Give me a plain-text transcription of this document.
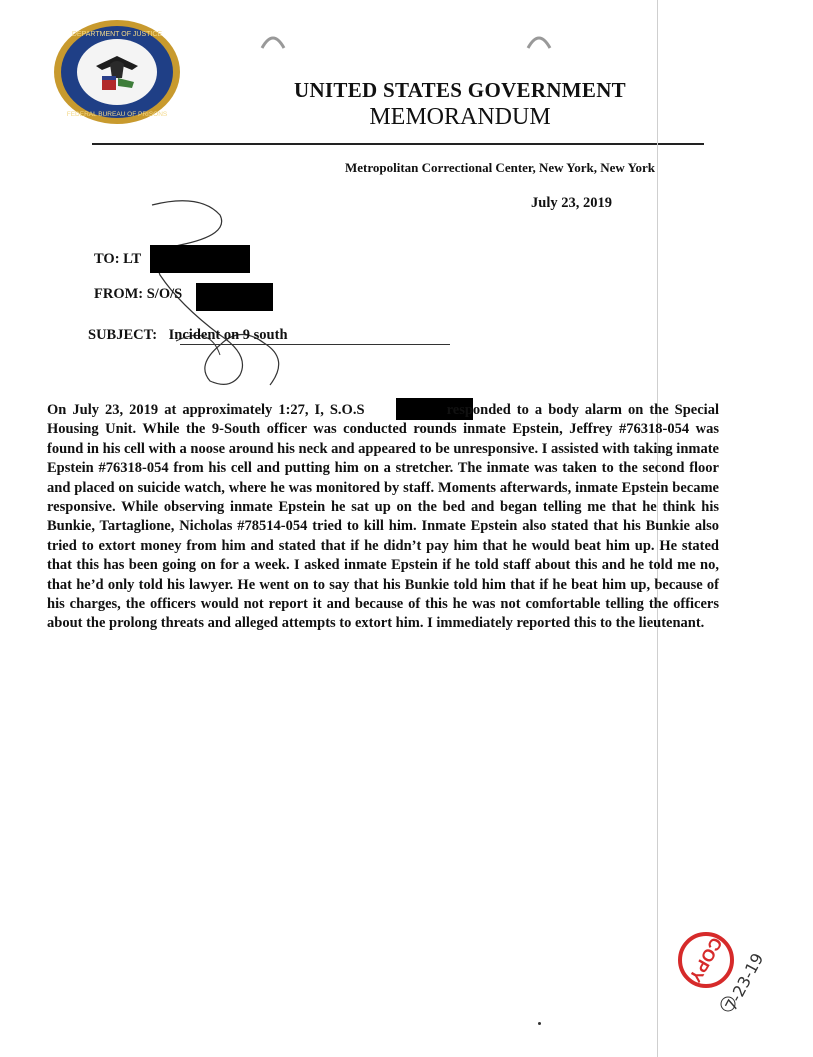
DEPARTMENT OF JUSTICE
FEDERAL BUREAU OF PRISONS
UNITED STATES GOVERNMENT
MEMORANDUM
Metropolitan Correctional Center, New York, New York
July 23, 2019
TO: LT
FROM: S/O/S
SUBJECT: Incident on 9 south
On July 23, 2019 at approximately 1:27, I, S.O.S	responded to a body alarm on the Special Housing Unit. While the 9-South officer was conducted rounds inmate Epstein, Jeffrey #76318-054 was found in his cell with a noose around his neck and appeared to be unresponsive. I assisted with taking inmate Epstein #76318-054 from his cell and putting him on a stretcher. The inmate was taken to the second floor and placed on suicide watch, where he was monitored by staff. Moments afterwards, inmate Epstein became responsive. While observing inmate Epstein he sat up on the bed and began telling me that he think his Bunkie, Tartaglione, Nicholas #78514-054 tried to kill him. Inmate Epstein also stated that his Bunkie also tried to extort money from him and stated that if he didn’t pay him that he would beat him up. He stated that this has been going on for a week. I asked inmate Epstein if he told staff about this and he told me no, that he’d only told his lawyer. He went on to say that his Bunkie told him that if he beat him up, because of his charges, the officers would not report it and because of this he was not comfortable telling the officers about the prolong threats and alleged attempts to extort him. I immediately reported this to the lieutenant.
COPY
7-23-19
